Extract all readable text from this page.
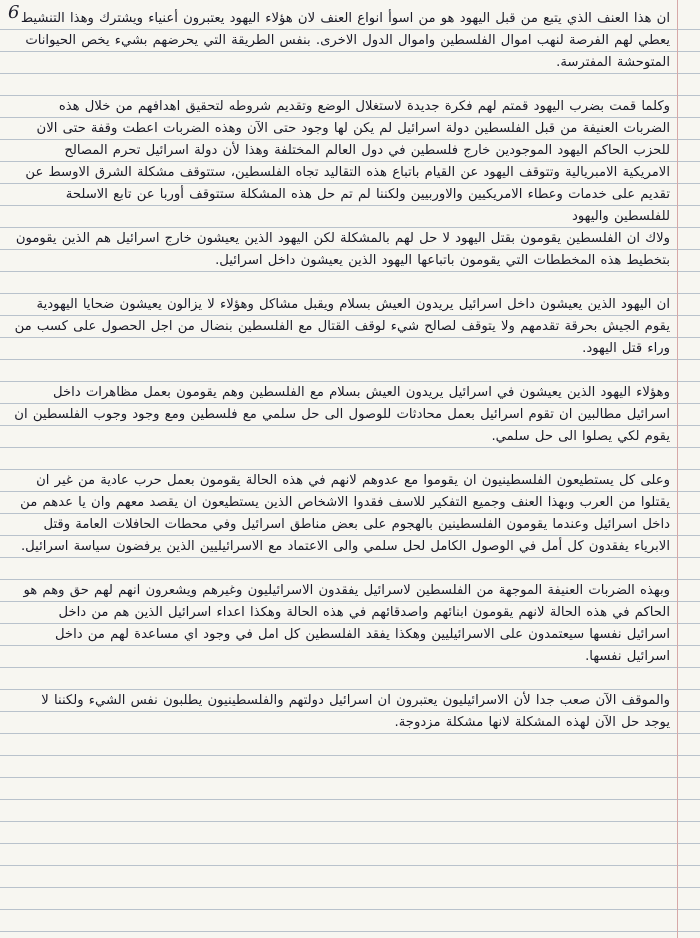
6 ان هذا العنف الذي يتبع من قبل اليهود هو من اسوأ انواع العنف لان هؤلاء اليهود يعتبرون أعنياء ويشترك وهذا التنشيط يعطي لهم الفرصة لنهب اموال الفلسطين واموال الدول الاخرى. بنفس الطريقة التي يحرضهم بشيء يخص الحيوانات المتوحشة المفترسة.
وكلما قمت بضرب اليهود قمتم لهم فكرة جديدة لاستغلال الوضع وتقديم شروطه لتحقيق اهدافهم من خلال هذه الضربات العنيفة من قبل الفلسطين دولة اسرائيل لم يكن لها وجود حتى الآن وهذه الضربات اعطت وقفة حتى الان للحزب الحاكم اليهود الموجودين خارج فلسطين في دول العالم المختلفة وهذا لأن دولة اسرائيل تحرم المصالح الامريكية الامبريالية وتتوقف اليهود عن القيام باتباع هذه التقاليد تجاه الفلسطين، ستتوقف مشكلة الشرق الاوسط عن تقديم على خدمات وعطاء الامريكيين والاوربيين ولكننا لم تم حل هذه المشكلة ستتوقف أوربا عن تابع الاسلحة للفلسطين واليهود
ولاك ان الفلسطين يقومون بقتل اليهود لا حل لهم بالمشكلة لكن اليهود الذين يعيشون خارج اسرائيل هم الذين يقومون بتخطيط هذه المخططات التي يقومون باتباعها اليهود الذين يعيشون داخل اسرائيل.
ان اليهود الذين يعيشون داخل اسرائيل يريدون العيش بسلام ويقبل مشاكل وهؤلاء لا يزالون يعيشون ضحايا اليهودية يقوم الجيش بحرقة تقدمهم ولا يتوقف لصالح شيء لوقف القتال مع الفلسطين بنضال من اجل الحصول على كسب من وراء قتل اليهود.
وهؤلاء اليهود الذين يعيشون في اسرائيل يريدون العيش بسلام مع الفلسطين وهم يقومون بعمل مظاهرات داخل اسرائيل مطالبين ان تقوم اسرائيل بعمل محادثات للوصول الى حل سلمي مع فلسطين ومع وجود وجوب الفلسطين ان يقوم لكي يصلوا الى حل سلمي.
وعلى كل يستطيعون الفلسطينيون ان يقوموا مع عدوهم لانهم في هذه الحالة يقومون بعمل حرب عادية من غير ان يقتلوا من العرب وبهذا العنف وجميع التفكير للاسف فقدوا الاشخاص الذين يستطيعون ان يقصد معهم وان يا عدهم من داخل اسرائيل وعندما يقومون الفلسطينين بالهجوم على بعض مناطق اسرائيل وفي محطات الحافلات العامة وقتل الابرياء يفقدون كل أمل في الوصول الكامل لحل سلمي والى الاعتماد مع الاسرائيليين الذين يرفضون سياسة اسرائيل.
وبهذه الضربات العنيفة الموجهة من الفلسطين لاسرائيل يفقدون الاسرائيليون وغيرهم ويشعرون انهم لهم حق وهم هو الحاكم في هذه الحالة لانهم يقومون ابنائهم واصدقائهم في هذه الحالة وهكذا اعداء اسرائيل الذين هم من داخل اسرائيل نفسها سيعتمدون على الاسرائيليين وهكذا يفقد الفلسطين كل امل في وجود اي مساعدة لهم من داخل اسرائيل نفسها.
والموقف الآن صعب جدا لأن الاسرائيليون يعتبرون ان اسرائيل دولتهم والفلسطينيون يطلبون نفس الشيء ولكننا لا يوجد حل الآن لهذه المشكلة لانها مشكلة مزدوجة.
